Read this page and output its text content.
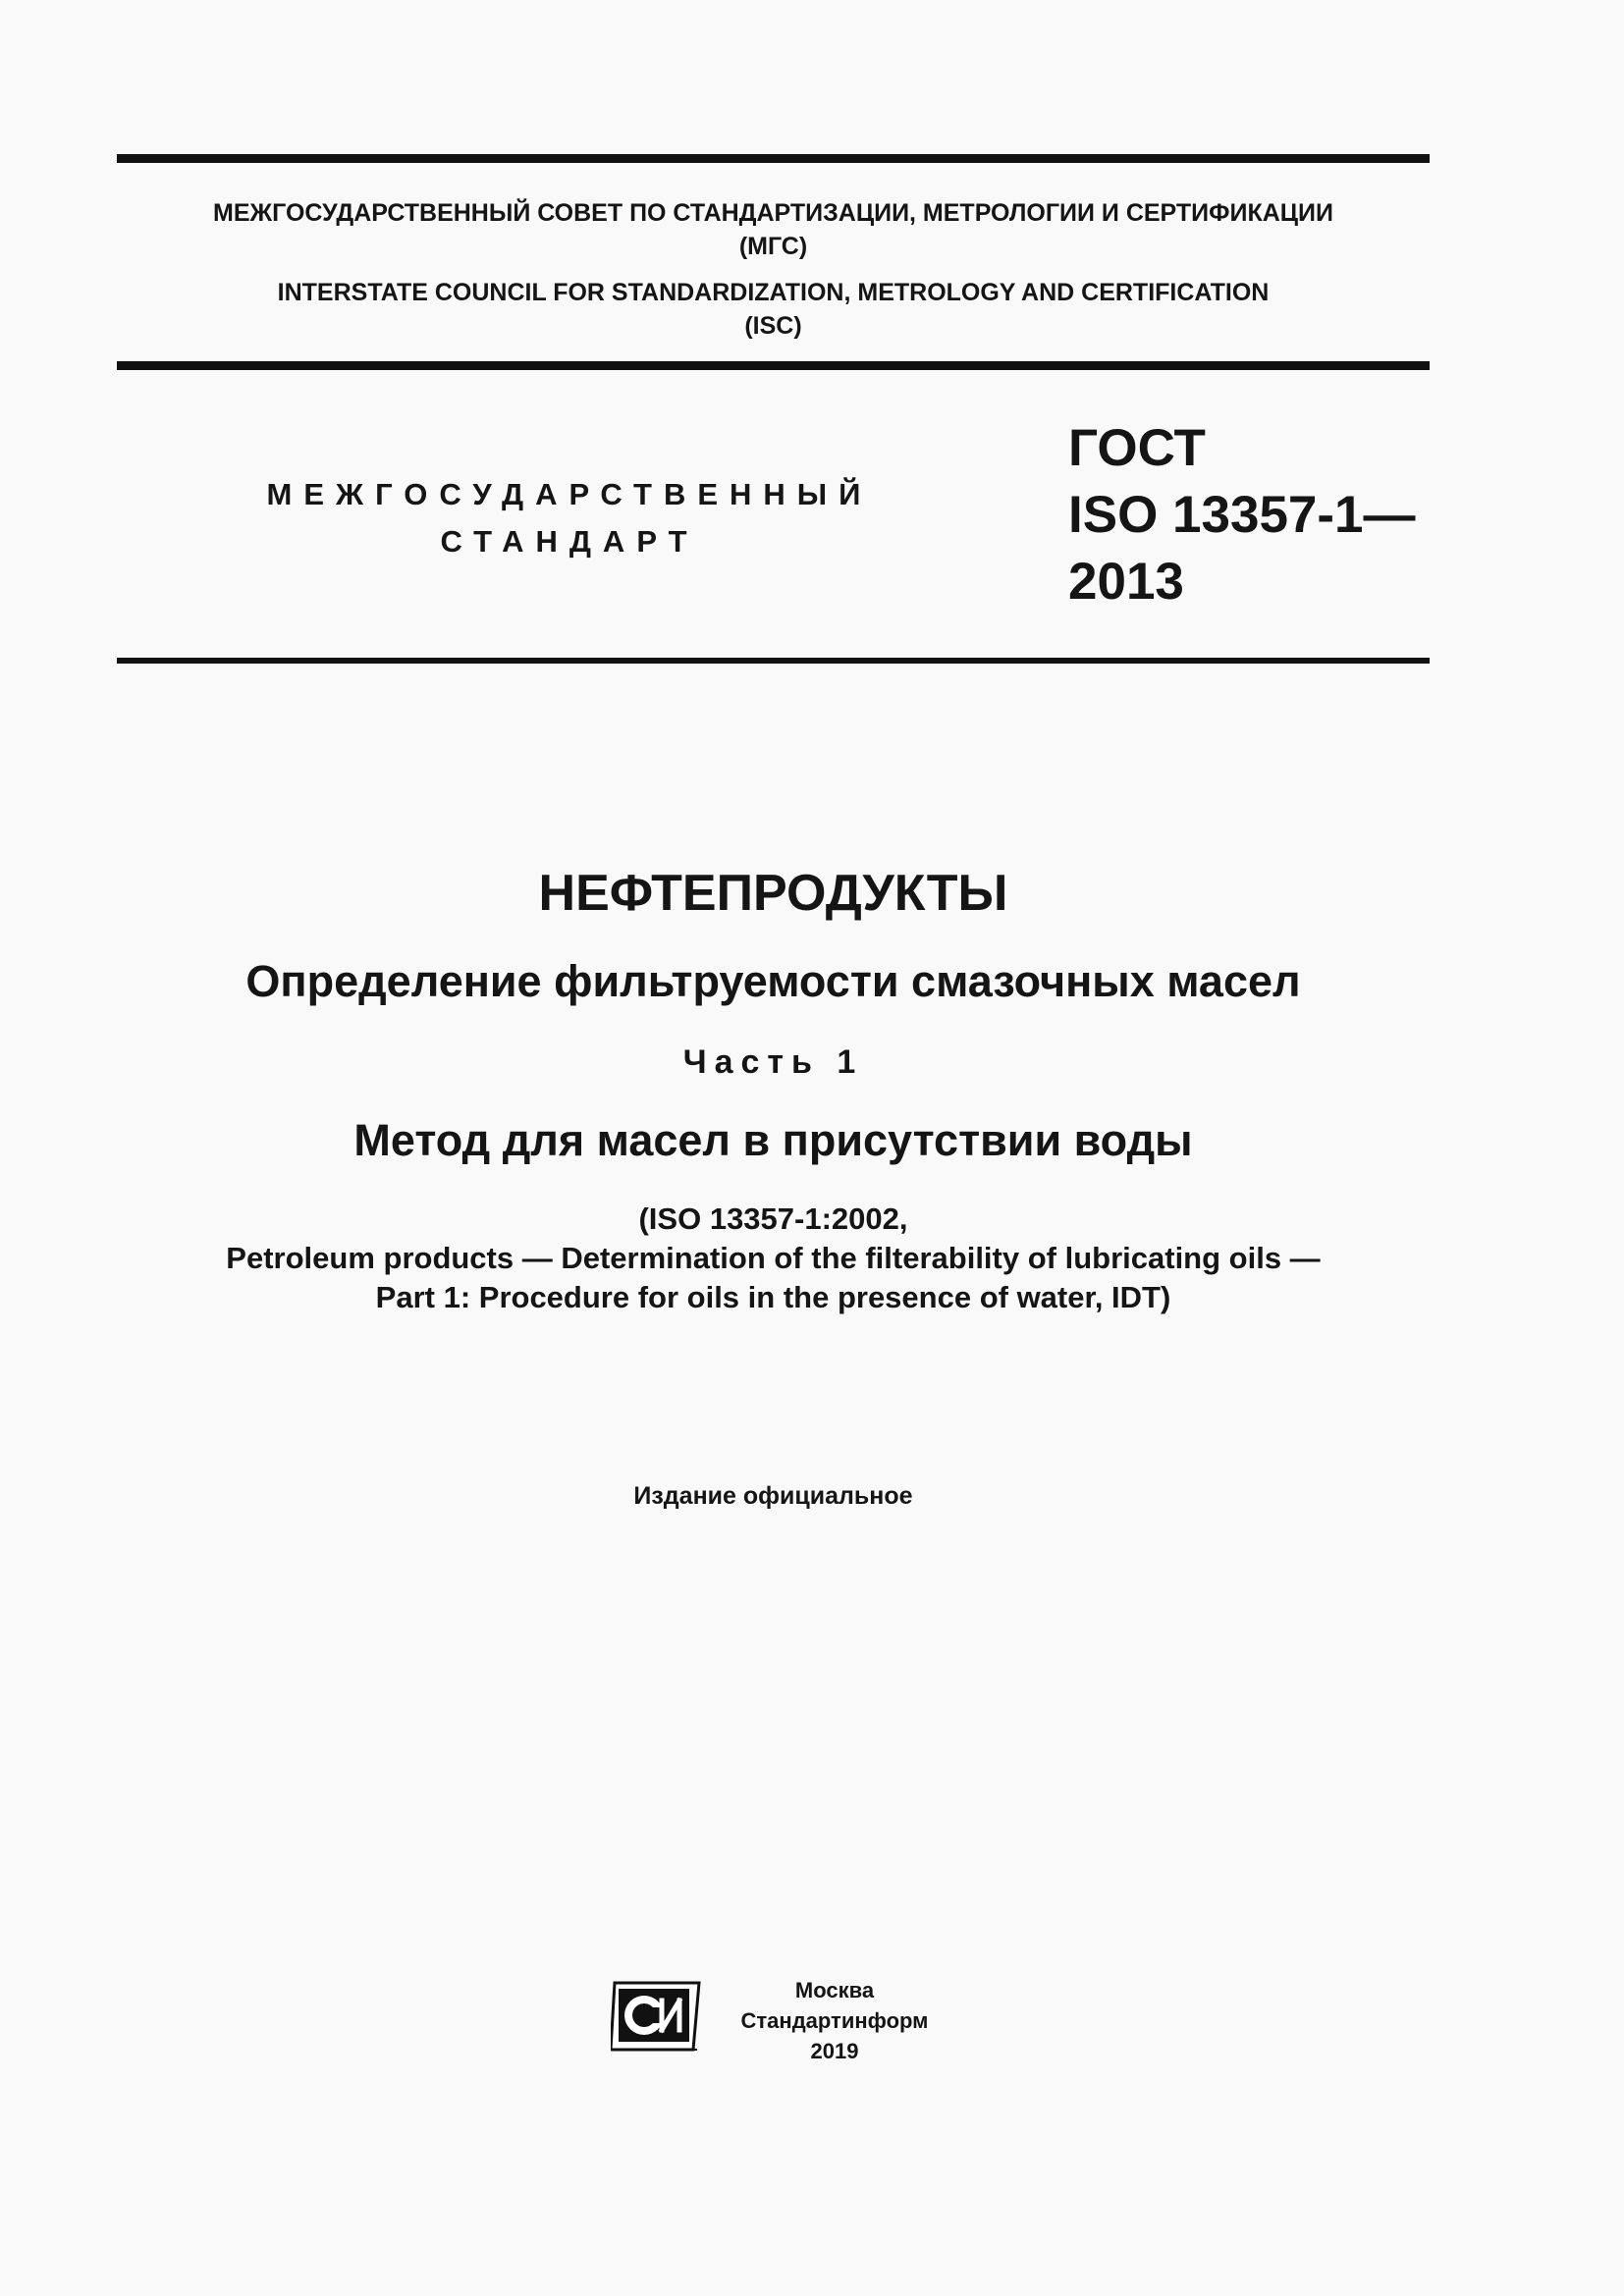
МЕЖГОСУДАРСТВЕННЫЙ СОВЕТ ПО СТАНДАРТИЗАЦИИ, МЕТРОЛОГИИ И СЕРТИФИКАЦИИ
(МГС)
INTERSTATE COUNCIL FOR STANDARDIZATION, METROLOGY AND CERTIFICATION
(ISC)
МЕЖГОСУДАРСТВЕННЫЙ
СТАНДАРТ
ГОСТ
ISO 13357-1—
2013
НЕФТЕПРОДУКТЫ
Определение фильтруемости смазочных масел
Часть 1
Метод для масел в присутствии воды
(ISO 13357-1:2002,
Petroleum products — Determination of the filterability of lubricating oils —
Part 1: Procedure for oils in the presence of water, IDT)
Издание официальное
Москва
Стандартинформ
2019
